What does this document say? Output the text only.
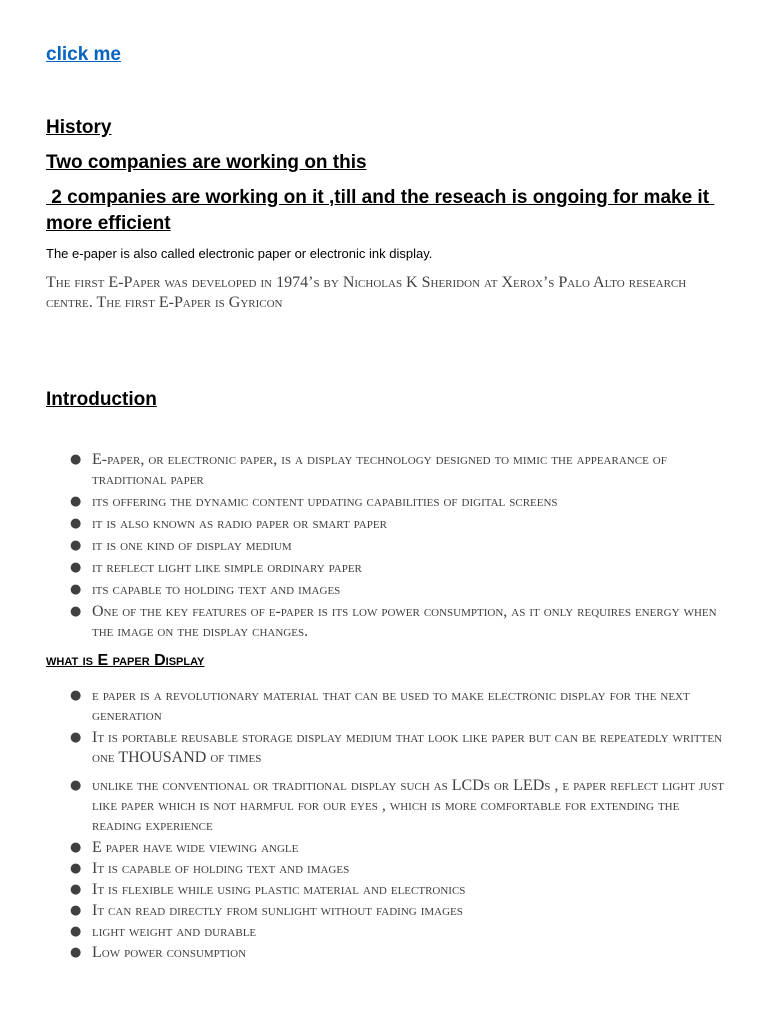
click me
History
Two companies are working on this
2 companies are working on it ,till and the reseach is ongoing for make it more efficient
The e-paper is also called electronic paper or electronic ink display.
The first E-Paper was developed in 1974’s by Nicholas K Sheridon at Xerox’s Palo Alto research centre. The first E-Paper is Gyricon
Introduction
● E-paper, or electronic paper, is a display technology designed to mimic the appearance of traditional paper
● its offering the dynamic content updating capabilities of digital screens
● it is also known as radio paper or smart paper
● it is one kind of display medium
● it reflect light like simple ordinary paper
● its capable to holding text and images
● One of the key features of e-paper is its low power consumption, as it only requires energy when the image on the display changes.
what is E paper Display
● e paper is a revolutionary material that can be used to make electronic display for the next generation
● It is portable reusable storage display medium that look like paper but can be repeatedly written one THOUSAND of times
● unlike the conventional or traditional display such as LCDs or LEDs , e paper reflect light just like paper which is not harmful for our eyes , which is more comfortable for extending the reading experience
● E paper have wide viewing angle
● It is capable of holding text and images
● It is flexible while using plastic material and electronics
● It can read directly from sunlight without fading images
● light weight and durable
● Low power consumption
